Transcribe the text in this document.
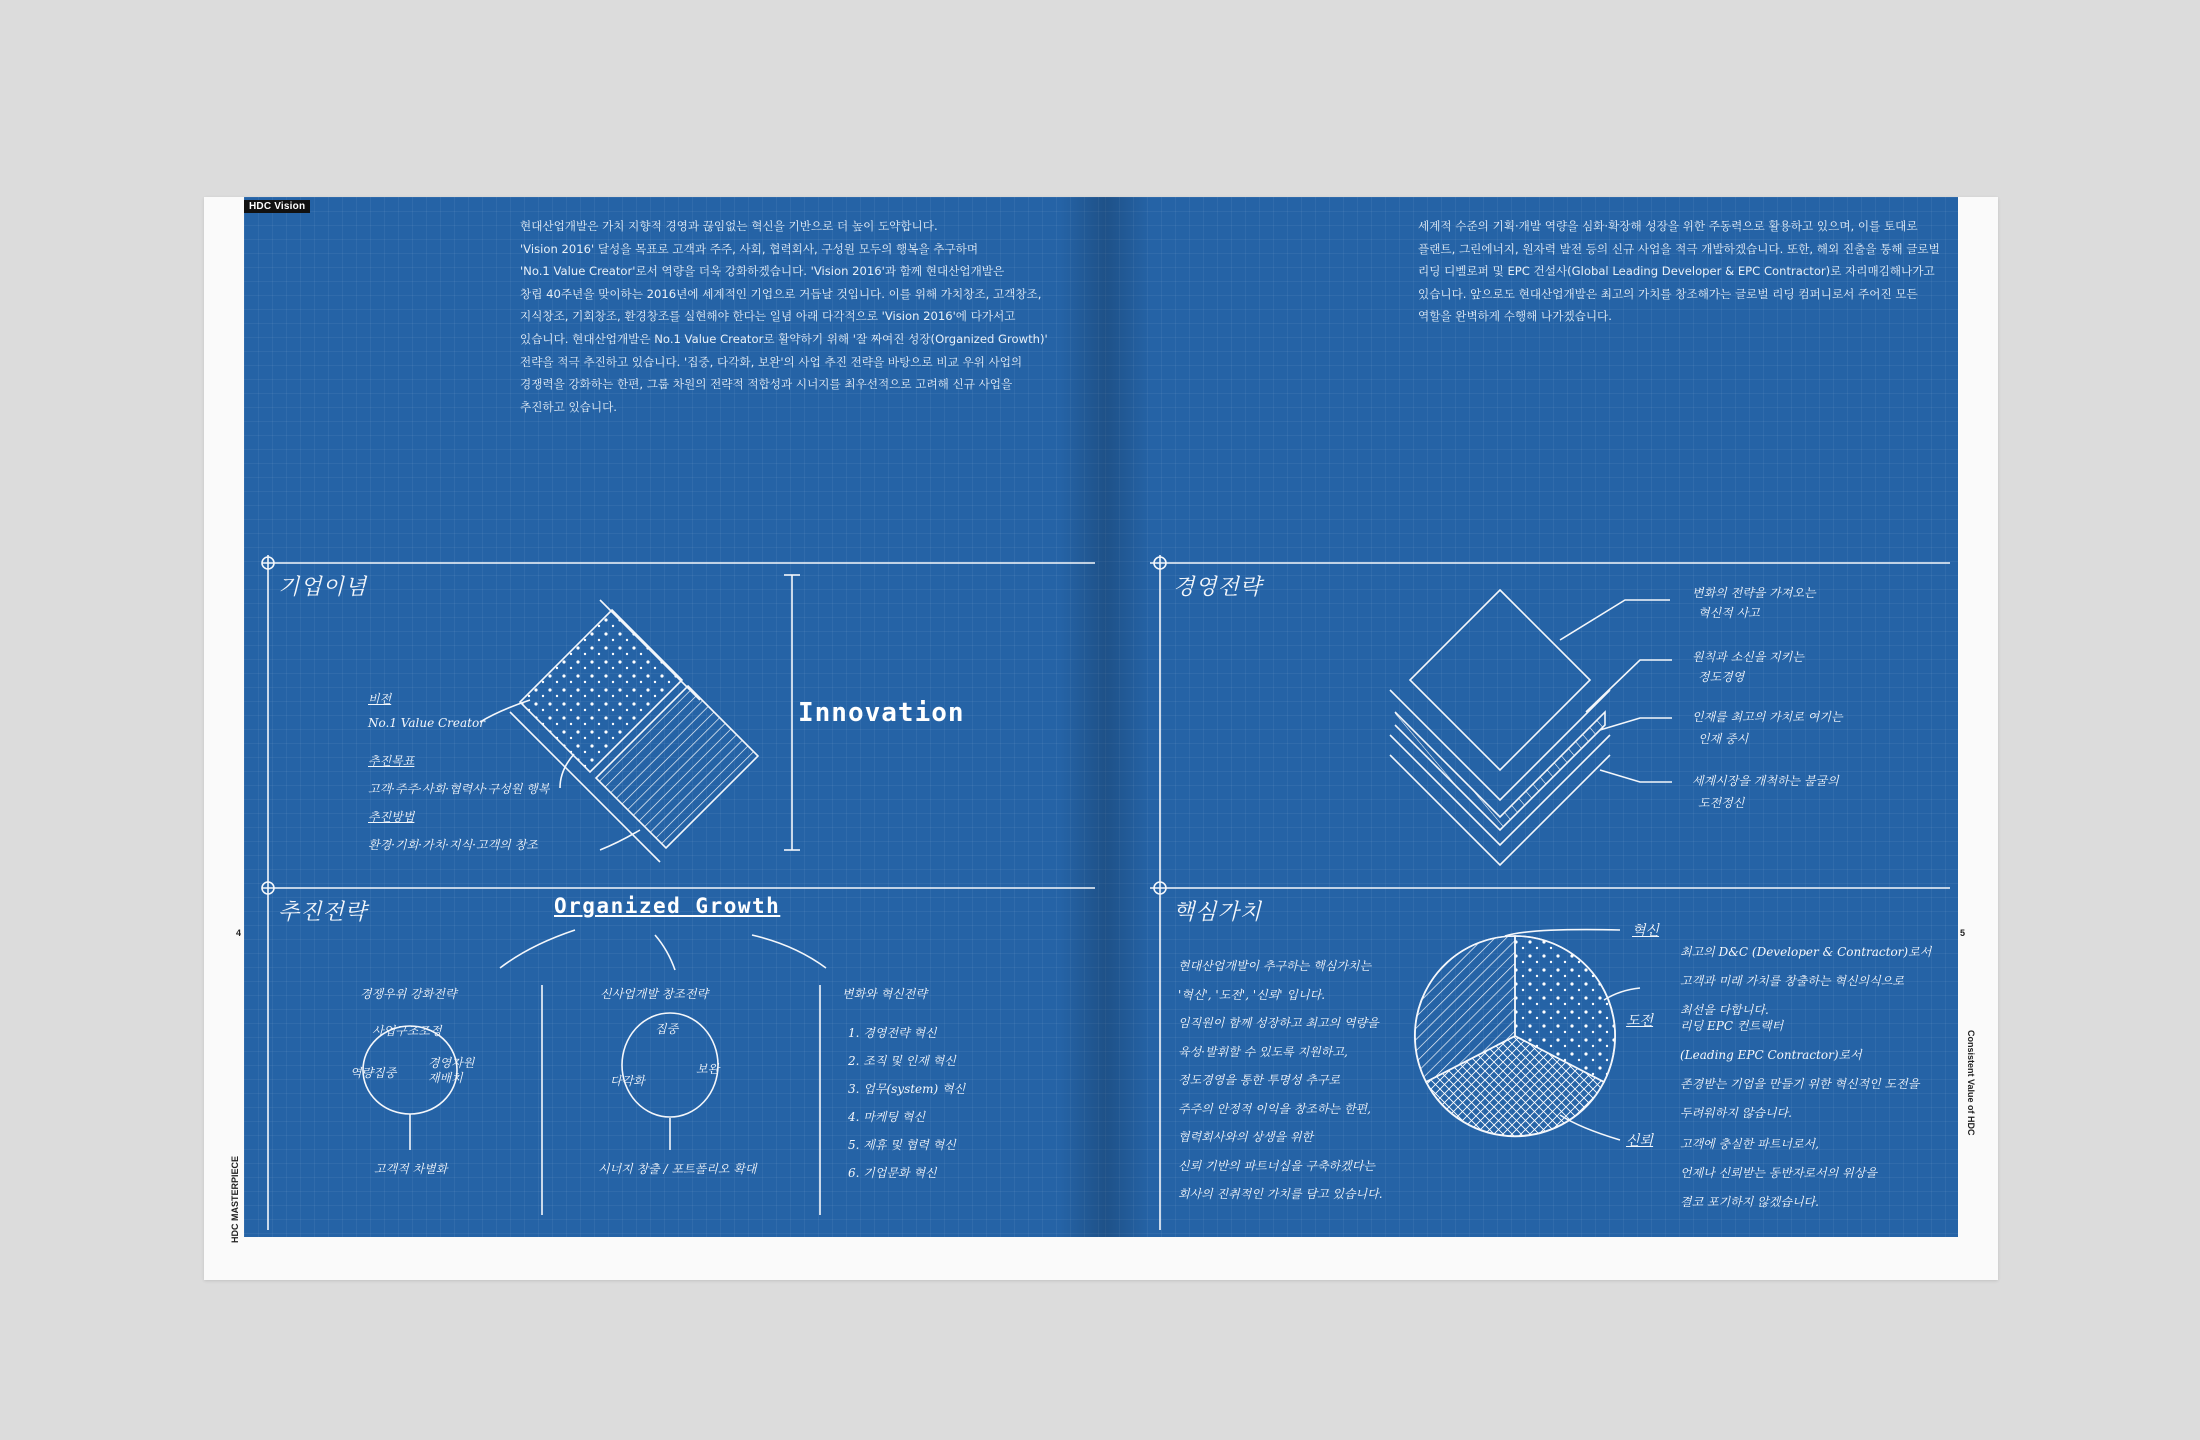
HDC Vision

현대산업개발은 가치 지향적 경영과 끊임없는 혁신을 기반으로 더 높이 도약합니다.

'Vision 2016' 달성을 목표로 고객과 주주, 사회, 협력회사, 구성원 모두의 행복을 추구하며

'No.1 Value Creator'로서 역량을 더욱 강화하겠습니다. 'Vision 2016'과 함께 현대산업개발은

창립 40주년을 맞이하는 2016년에 세계적인 기업으로 거듭날 것입니다. 이를 위해 가치창조, 고객창조,

지식창조, 기회창조, 환경창조를 실현해야 한다는 일념 아래 다각적으로 'Vision 2016'에 다가서고

있습니다. 현대산업개발은 No.1 Value Creator로 활약하기 위해 '잘 짜여진 성장(Organized Growth)'

전략을 적극 추진하고 있습니다. '집중, 다각화, 보완'의 사업 추진 전략을 바탕으로 비교 우위 사업의

경쟁력을 강화하는 한편, 그룹 차원의 전략적 적합성과 시너지를 최우선적으로 고려해 신규 사업을

추진하고 있습니다.

세계적 수준의 기획·개발 역량을 심화·확장해 성장을 위한 주동력으로 활용하고 있으며, 이를 토대로

플랜트, 그린에너지, 원자력 발전 등의 신규 사업을 적극 개발하겠습니다. 또한, 해외 진출을 통해 글로벌

리딩 디벨로퍼 및 EPC 건설사(Global Leading Developer & EPC Contractor)로 자리매김해나가고

있습니다. 앞으로도 현대산업개발은 최고의 가치를 창조해가는 글로벌 리딩 컴퍼니로서 주어진 모든

역할을 완벽하게 수행해 나가겠습니다.

기업이념	경영전략
추진전략	핵심가치
비전
No.1 Value Creator
추진목표
고객·주주·사회·협력사·구성원 행복
추진방법
환경·기회·가치·지식·고객의 창조
Innovation
변화의 전략을 가져오는
혁신적 사고
원칙과 소신을 지키는
정도경영
인재를 최고의 가치로 여기는
인재 중시
세계시장을 개척하는 불굴의
도전정신
Organized Growth
경쟁우위 강화전략
사업구조조정
역량집중
경영자원 재배치
고객적 차별화
신사업개발 창조전략
집중
다각화
보완
시너지 창출 / 포트폴리오 확대
변화와 혁신전략
1. 경영전략 혁신
2. 조직 및 인재 혁신
3. 업무(system) 혁신
4. 마케팅 혁신
5. 제휴 및 협력 혁신
6. 기업문화 혁신
현대산업개발이 추구하는 핵심가치는
'혁신', '도전', '신뢰' 입니다.
임직원이 함께 성장하고 최고의 역량을
육성·발휘할 수 있도록 지원하고,
정도경영을 통한 투명성 추구로
주주의 안정적 이익을 창조하는 한편,
협력회사와의 상생을 위한
신뢰 기반의 파트너십을 구축하겠다는
회사의 진취적인 가치를 담고 있습니다.
혁신
최고의 D&C (Developer & Contractor)로서
고객과 미래 가치를 창출하는 혁신의식으로
최선을 다합니다.
도전 리딩 EPC 컨트랙터
(Leading EPC Contractor)로서
존경받는 기업을 만들기 위한 혁신적인 도전을
두려워하지 않습니다.
신뢰 고객에 충실한 파트너로서,
언제나 신뢰받는 동반자로서의 위상을
결코 포기하지 않겠습니다.
HDC MASTERPIECE
Consistent Value of HDC
4	5
